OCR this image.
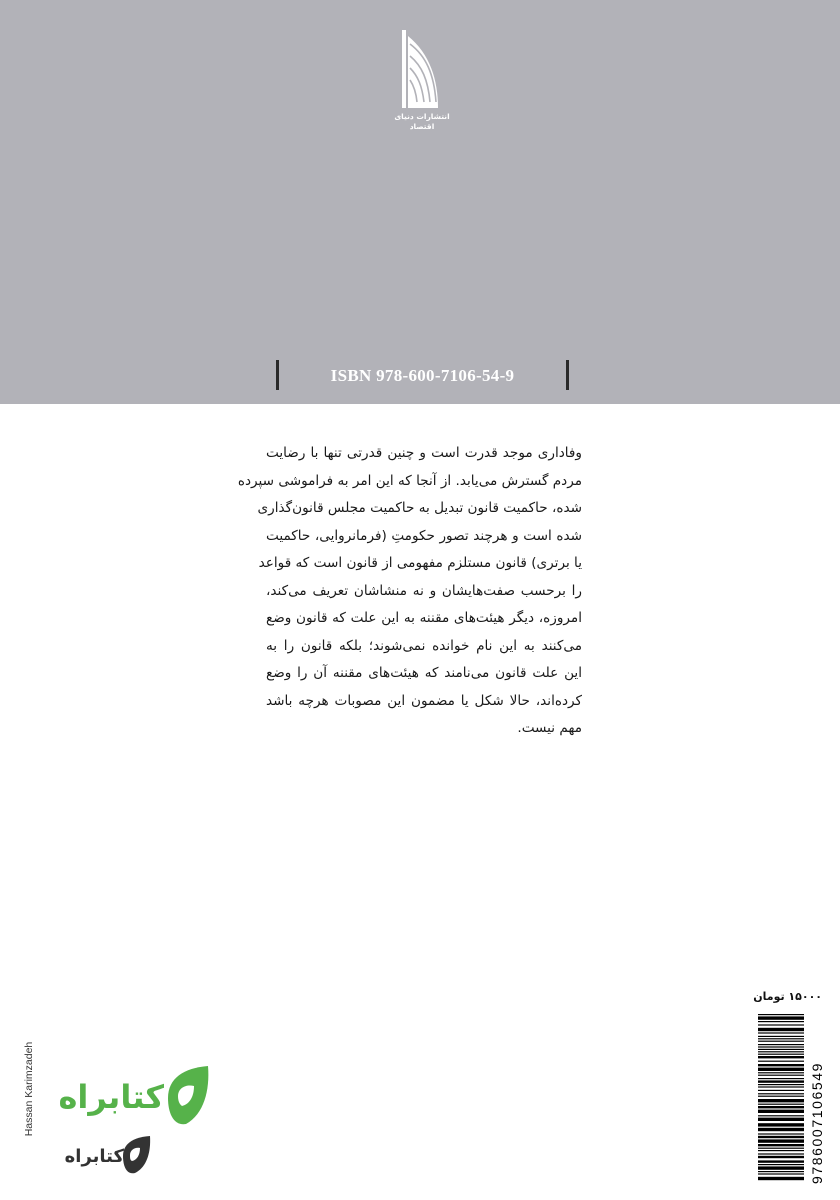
انتشارات دنیای اقتصاد
ISBN 978-600-7106-54-9
وفاداری موجد قدرت است و چنین قدرتی تنها با رضایت
مردم گسترش می‌یابد. از آنجا که این امر به فراموشی سپرده
شده، حاکمیت قانون تبدیل به حاکمیت مجلس قانون‌گذاری
شده است و هرچند تصور حکومتِ (فرمانروایی، حاکمیت
یا برتری) قانون مستلزم مفهومی از قانون است که قواعد
را برحسب صفت‌هایشان و نه منشاشان تعریف می‌کند،
امروزه، دیگر هیئت‌های مقننه به این علت که قانون وضع
می‌کنند به این نام خوانده نمی‌شوند؛ بلکه قانون را به
این علت قانون می‌نامند که هیئت‌های مقننه آن را وضع
کرده‌اند، حالا شکل یا مضمون این مصوبات هرچه باشد
مهم نیست.
۱۵۰۰۰ تومان
9786007106549
Hassan Karimzadeh کتابراه
کتابراه
